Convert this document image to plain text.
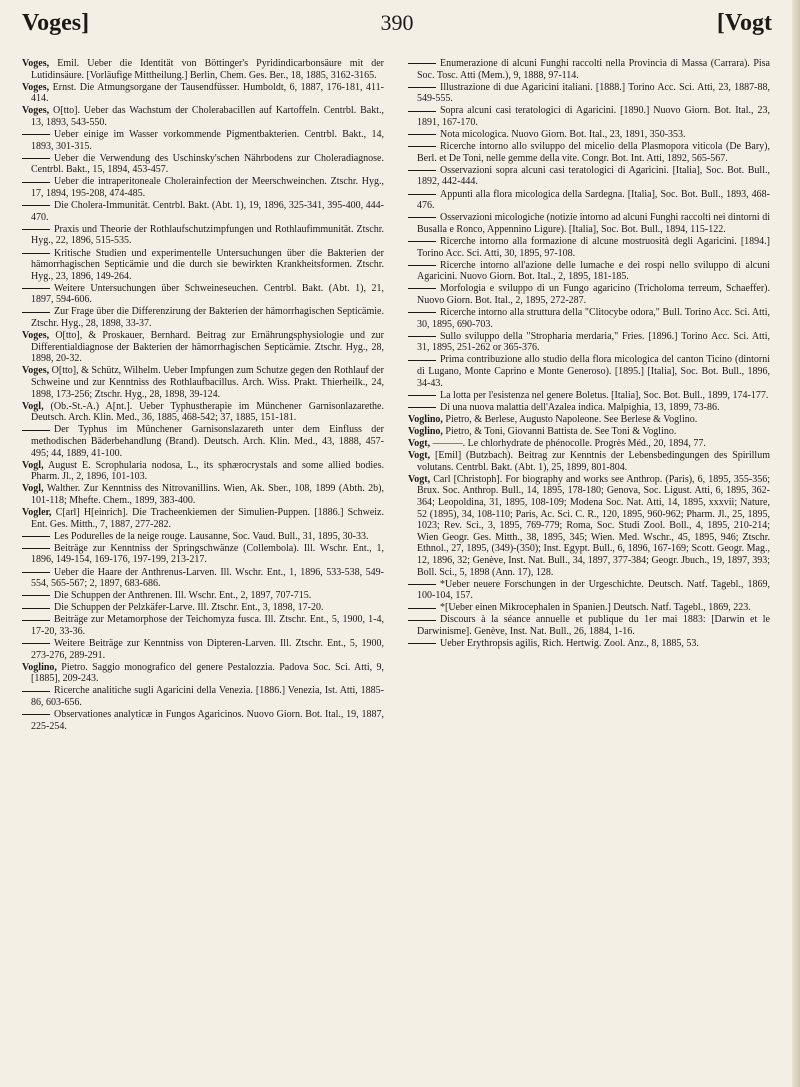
Voges]	390	[Vogt
Voges, Emil. Ueber die Identität von Böttinger's Pyridindicarbonsäure mit der Lutidinsäure. [Vorläufige Mittheilung.] Berlin, Chem. Ges. Ber., 18, 1885, 3162-3165.
Voges, Ernst. Die Atmungsorgane der Tausendfüsser. Humboldt, 6, 1887, 176-181, 411-414.
Voges, O[tto]. Ueber das Wachstum der Cholerabacillen auf Kartoffeln. Centrbl. Bakt., 13, 1893, 543-550.
Ueber einige im Wasser vorkommende Pigmentbakterien. Centrbl. Bakt., 14, 1893, 301-315.
Ueber die Verwendung des Uschinsky'schen Nährbodens zur Choleradiagnose. Centrbl. Bakt., 15, 1894, 453-457.
Ueber die intraperitoneale Cholerainfection der Meerschweinchen. Ztschr. Hyg., 17, 1894, 195-208, 474-485.
Die Cholera-Immunität. Centrbl. Bakt. (Abt. 1), 19, 1896, 325-341, 395-400, 444-470.
Praxis und Theorie der Rothlaufschutzimpfungen und Rothlaufimmunität. Ztschr. Hyg., 22, 1896, 515-535.
Kritische Studien und experimentelle Untersuchungen über die Bakterien der hämorrhagischen Septicämie und die durch sie bewirkten Krankheitsformen. Ztschr. Hyg., 23, 1896, 149-264.
Weitere Untersuchungen über Schweineseuchen. Centrbl. Bakt. (Abt. 1), 21, 1897, 594-606.
Zur Frage über die Differenzirung der Bakterien der hämorrhagischen Septicämie. Ztschr. Hyg., 28, 1898, 33-37.
Voges, O[tto], & Proskauer, Bernhard. Beitrag zur Ernährungsphysiologie und zur Differentialdiagnose der Bakterien der hämorrhagischen Septicämie. Ztschr. Hyg., 28, 1898, 20-32.
Voges, O[tto], & Schütz, Wilhelm. Ueber Impfungen zum Schutze gegen den Rothlauf der Schweine und zur Kenntniss des Rothlaufbacillus. Arch. Wiss. Prakt. Thierheilk., 24, 1898, 173-256; Ztschr. Hyg., 28, 1898, 39-124.
Vogl, (Ob.-St.-A.) A[nt.]. Ueber Typhustherapie im Münchener Garnisonlazarethe. Deutsch. Arch. Klin. Med., 36, 1885, 468-542; 37, 1885, 151-181.
Der Typhus im Münchener Garnisonslazareth unter dem Einfluss der methodischen Bäderbehandlung (Brand). Deutsch. Arch. Klin. Med., 43, 1888, 457-495; 44, 1889, 41-100.
Vogl, August E. Scrophularia nodosa, L., its sphærocrystals and some allied bodies. Pharm. Jl., 2, 1896, 101-103.
Vogl, Walther. Zur Kenntniss des Nitrovanillins. Wien, Ak. Sber., 108, 1899 (Abth. 2b), 101-118; Mhefte. Chem., 1899, 383-400.
Vogler, C[arl] H[einrich]. Die Tracheenkiemen der Simulien-Puppen. [1886.] Schweiz. Ent. Ges. Mitth., 7, 1887, 277-282.
Les Podurelles de la neige rouge. Lausanne, Soc. Vaud. Bull., 31, 1895, 30-33.
Beiträge zur Kenntniss der Springschwänze (Collembola). Ill. Wschr. Ent., 1, 1896, 149-154, 169-176, 197-199, 213-217.
Ueber die Haare der Anthrenus-Larven. Ill. Wschr. Ent., 1, 1896, 533-538, 549-554, 565-567; 2, 1897, 683-686.
Die Schuppen der Anthrenen. Ill. Wschr. Ent., 2, 1897, 707-715.
Die Schuppen der Pelzkäfer-Larve. Ill. Ztschr. Ent., 3, 1898, 17-20.
Beiträge zur Metamorphose der Teichomyza fusca. Ill. Ztschr. Ent., 5, 1900, 1-4, 17-20, 33-36.
Weitere Beiträge zur Kenntniss von Dipteren-Larven. Ill. Ztschr. Ent., 5, 1900, 273-276, 289-291.
Voglino, Pietro. Saggio monografico del genere Pestalozzia. Padova Soc. Sci. Atti, 9, [1885], 209-243.
Ricerche analitiche sugli Agaricini della Venezia. [1886.] Venezia, Ist. Atti, 1885-86, 603-656.
Observationes analyticæ in Fungos Agaricinos. Nuovo Giorn. Bot. Ital., 19, 1887, 225-254.
Enumerazione di alcuni Funghi raccolti nella Provincia di Massa (Carrara). Pisa Soc. Tosc. Atti (Mem.), 9, 1888, 97-114.
Illustrazione di due Agaricini italiani. [1888.] Torino Acc. Sci. Atti, 23, 1887-88, 549-555.
Sopra alcuni casi teratologici di Agaricini. [1890.] Nuovo Giorn. Bot. Ital., 23, 1891, 167-170.
Nota micologica. Nuovo Giorn. Bot. Ital., 23, 1891, 350-353.
Ricerche intorno allo sviluppo del micelio della Plasmopora viticola (De Bary), Berl. et De Toni, nelle gemme della vite. Congr. Bot. Int. Atti, 1892, 565-567.
Osservazioni sopra alcuni casi teratologici di Agaricini. [Italia], Soc. Bot. Bull., 1892, 442-444.
Appunti alla flora micologica della Sardegna. [Italia], Soc. Bot. Bull., 1893, 468-476.
Osservazioni micologiche (notizie intorno ad alcuni Funghi raccolti nei dintorni di Busalla e Ronco, Appennino Ligure). [Italia], Soc. Bot. Bull., 1894, 115-122.
Ricerche intorno alla formazione di alcune mostruosità degli Agaricini. [1894.] Torino Acc. Sci. Atti, 30, 1895, 97-108.
Ricerche intorno all'azione delle lumache e dei rospi nello sviluppo di alcuni Agaricini. Nuovo Giorn. Bot. Ital., 2, 1895, 181-185.
Morfologia e sviluppo di un Fungo agaricino (Tricholoma terreum, Schaeffer). Nuovo Giorn. Bot. Ital., 2, 1895, 272-287.
Ricerche intorno alla struttura della "Clitocybe odora," Bull. Torino Acc. Sci. Atti, 30, 1895, 690-703.
Sullo sviluppo della "Stropharia merdaria," Fries. [1896.] Torino Acc. Sci. Atti, 31, 1895, 251-262 or 365-376.
Prima contribuzione allo studio della flora micologica del canton Ticino (dintorni di Lugano, Monte Caprino e Monte Generoso). [1895.] [Italia], Soc. Bot. Bull., 1896, 34-43.
La lotta per l'esistenza nel genere Boletus. [Italia], Soc. Bot. Bull., 1899, 174-177.
Di una nuova malattia dell'Azalea indica. Malpighia, 13, 1899, 73-86.
Voglino, Pietro, & Berlese, Augusto Napoleone. See Berlese & Voglino.
Voglino, Pietro, & Toni, Giovanni Battista de. See Toni & Voglino.
Vogt, ———. Le chlorhydrate de phénocolle. Progrès Méd., 20, 1894, 77.
Vogt, [Emil] (Butzbach). Beitrag zur Kenntnis der Lebensbedingungen des Spirillum volutans. Centrbl. Bakt. (Abt. 1), 25, 1899, 801-804.
Vogt, Carl [Christoph]. For biography and works see Anthrop. (Paris), 6, 1895, 355-356; Brux. Soc. Anthrop. Bull., 14, 1895, 178-180; Genova, Soc. Ligust. Atti, 6, 1895, 362-364; Leopoldina, 31, 1895, 108-109; Modena Soc. Nat. Atti, 14, 1895, xxxvii; Nature, 52 (1895), 34, 108-110; Paris, Ac. Sci. C. R., 120, 1895, 960-962; Pharm. Jl., 25, 1895, 1023; Rev. Sci., 3, 1895, 769-779; Roma, Soc. Studi Zool. Boll., 4, 1895, 210-214; Wien Geogr. Ges. Mitth., 38, 1895, 345; Wien. Med. Wschr., 45, 1895, 946; Ztschr. Ethnol., 27, 1895, (349)-(350); Inst. Egypt. Bull., 6, 1896, 167-169; Scott. Geogr. Mag., 12, 1896, 32; Genève, Inst. Nat. Bull., 34, 1897, 377-384; Geogr. Jbuch., 19, 1897, 393; Boll. Sci., 5, 1898 (Ann. 17), 128.
*Ueber neuere Forschungen in der Urgeschichte. Deutsch. Natf. Tagebl., 1869, 100-104, 157.
*[Ueber einen Mikrocephalen in Spanien.] Deutsch. Natf. Tagebl., 1869, 223.
Discours à la séance annuelle et publique du 1er mai 1883: [Darwin et le Darwinisme]. Genève, Inst. Nat. Bull., 26, 1884, 1-16.
Ueber Erythropsis agilis, Rich. Hertwig. Zool. Anz., 8, 1885, 53.
